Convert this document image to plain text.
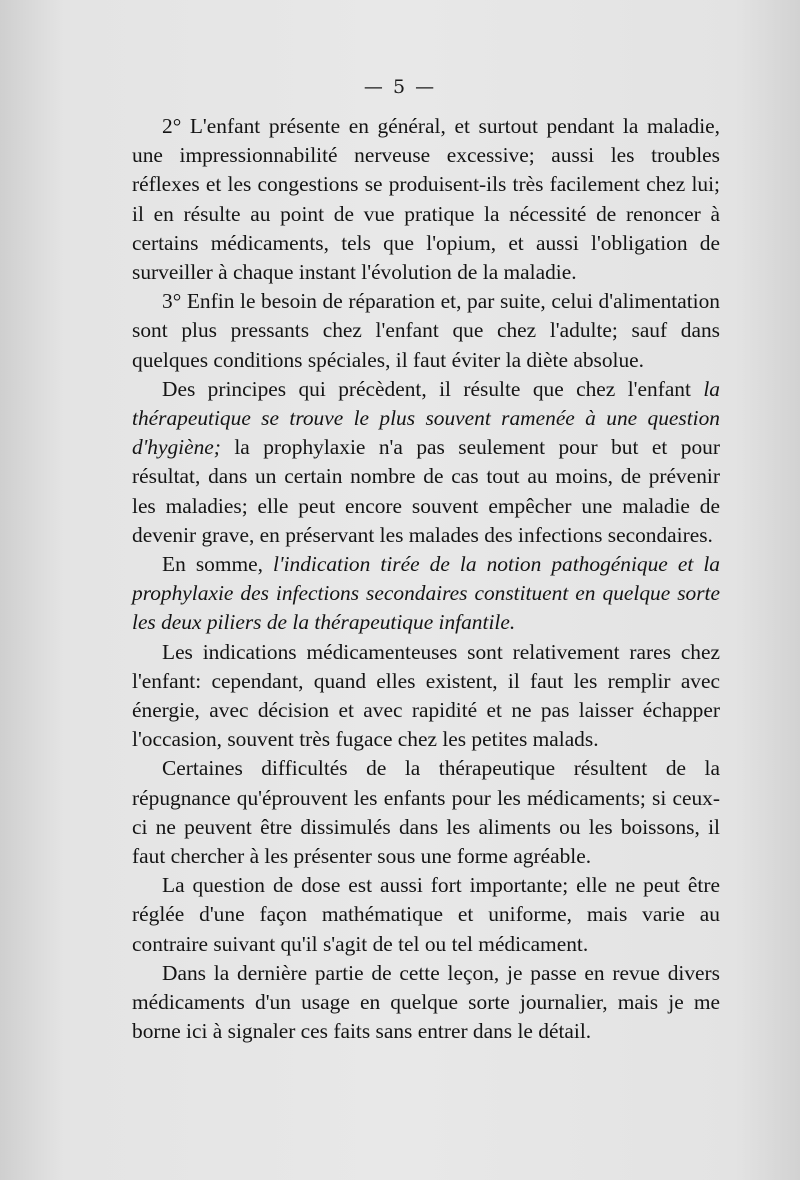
— 5 —

2° L'enfant présente en général, et surtout pendant la maladie, une impressionnabilité nerveuse excessive; aussi les troubles réflexes et les congestions se produisent-ils très facilement chez lui; il en résulte au point de vue pratique la nécessité de renoncer à certains médicaments, tels que l'opium, et aussi l'obligation de surveiller à chaque instant l'évolution de la maladie.

3° Enfin le besoin de réparation et, par suite, celui d'alimentation sont plus pressants chez l'enfant que chez l'adulte; sauf dans quelques conditions spéciales, il faut éviter la diète absolue.

Des principes qui précèdent, il résulte que chez l'enfant la thérapeutique se trouve le plus souvent ramenée à une question d'hygiène; la prophylaxie n'a pas seulement pour but et pour résultat, dans un certain nombre de cas tout au moins, de prévenir les maladies; elle peut encore souvent empêcher une maladie de devenir grave, en préservant les malades des infections secondaires.

En somme, l'indication tirée de la notion pathogénique et la prophylaxie des infections secondaires constituent en quelque sorte les deux piliers de la thérapeutique infantile.

Les indications médicamenteuses sont relativement rares chez l'enfant: cependant, quand elles existent, il faut les remplir avec énergie, avec décision et avec rapidité et ne pas laisser échapper l'occasion, souvent très fugace chez les petites malads.

Certaines difficultés de la thérapeutique résultent de la répugnance qu'éprouvent les enfants pour les médicaments; si ceux-ci ne peuvent être dissimulés dans les aliments ou les boissons, il faut chercher à les présenter sous une forme agréable.

La question de dose est aussi fort importante; elle ne peut être réglée d'une façon mathématique et uniforme, mais varie au contraire suivant qu'il s'agit de tel ou tel médicament.

Dans la dernière partie de cette leçon, je passe en revue divers médicaments d'un usage en quelque sorte journalier, mais je me borne ici à signaler ces faits sans entrer dans le détail.
